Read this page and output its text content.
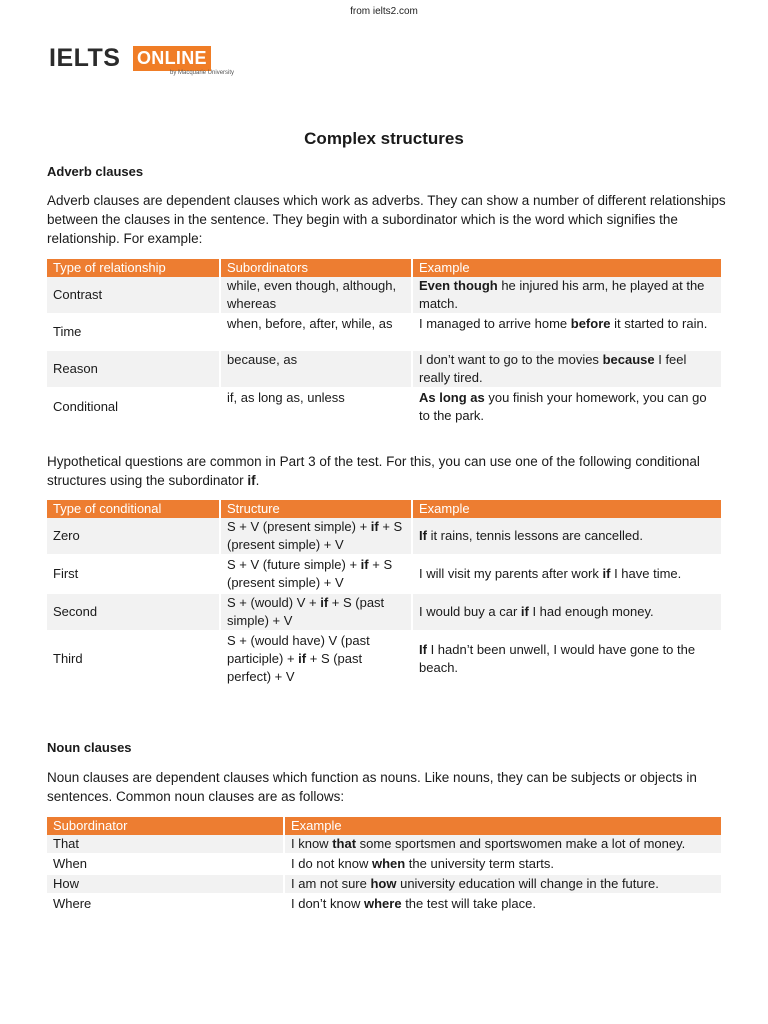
from ielts2.com
IELTS ONLINE
by Macquarie University
Complex structures
Adverb clauses
Adverb clauses are dependent clauses which work as adverbs. They can show a number of different relationships between the clauses in the sentence. They begin with a subordinator which is the word which signifies the relationship. For example:
Type of relationship	Subordinators	Example
Contrast	while, even though, although, whereas	Even though he injured his arm, he played at the match.
Time	when, before, after, while, as	I managed to arrive home before it started to rain.
Reason	because, as	I don’t want to go to the movies because I feel really tired.
Conditional	if, as long as, unless	As long as you finish your homework, you can go to the park.
Hypothetical questions are common in Part 3 of the test. For this, you can use one of the following conditional structures using the subordinator if.
Type of conditional	Structure	Example
Zero	S + V (present simple) + if + S (present simple) + V	If it rains, tennis lessons are cancelled.
First	S + V (future simple) + if + S (present simple) + V	I will visit my parents after work if I have time.
Second	S + (would) V + if + S (past simple) + V	I would buy a car if I had enough money.
Third	S + (would have) V (past participle) + if + S (past perfect) + V	If I hadn’t been unwell, I would have gone to the beach.
Noun clauses
Noun clauses are dependent clauses which function as nouns. Like nouns, they can be subjects or objects in sentences. Common noun clauses are as follows:
Subordinator	Example
That	I know that some sportsmen and sportswomen make a lot of money.
When	I do not know when the university term starts.
How	I am not sure how university education will change in the future.
Where	I don’t know where the test will take place.
